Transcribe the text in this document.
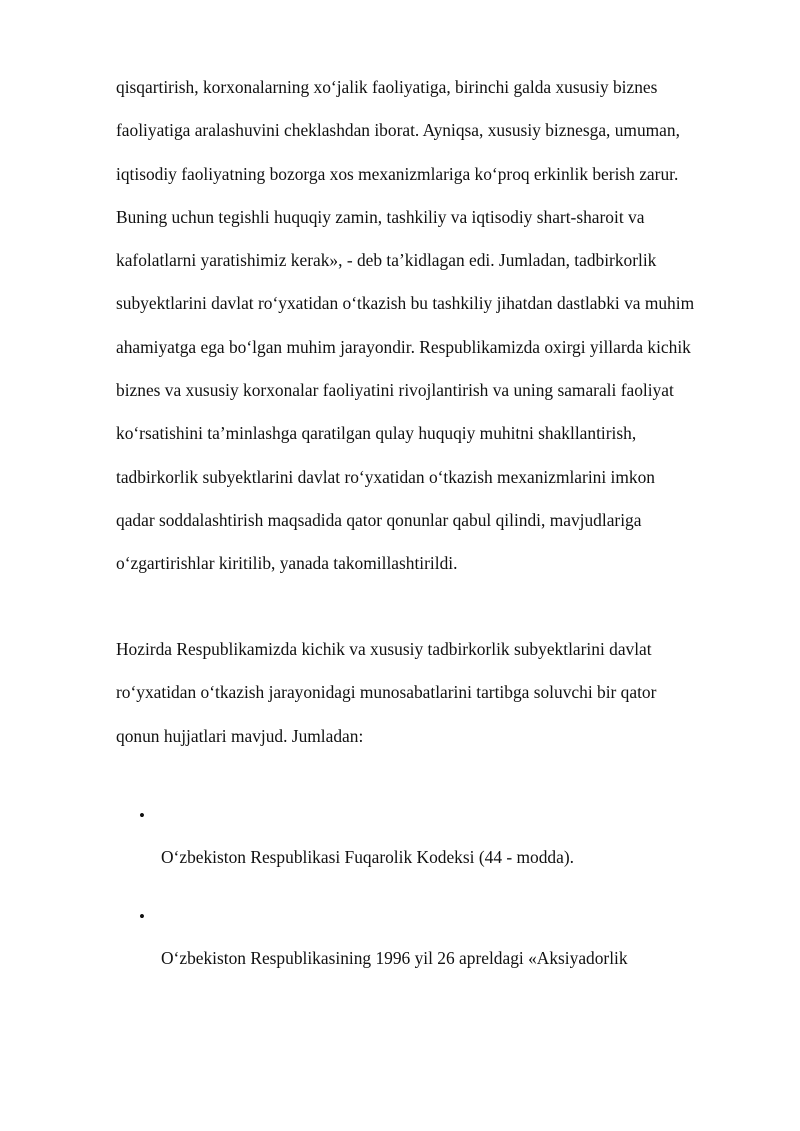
qisqartirish, korxonalarning xo‘jalik faoliyatiga, birinchi galda xususiy biznes
faoliyatiga aralashuvini cheklashdan iborat. Ayniqsa, xususiy biznesga, umuman,
iqtisodiy faoliyatning bozorga xos mexanizmlariga ko‘proq erkinlik berish zarur.
Buning uchun tegishli huquqiy zamin, tashkiliy va iqtisodiy shart-sharoit va
kafolatlarni yaratishimiz kerak», - deb ta’kidlagan edi. Jumladan, tadbirkorlik
subyektlarini davlat ro‘yxatidan o‘tkazish bu tashkiliy jihatdan dastlabki va muhim
ahamiyatga ega bo‘lgan muhim jarayondir. Respublikamizda oxirgi yillarda kichik
biznes va xususiy korxonalar faoliyatini rivojlantirish va uning samarali faoliyat
ko‘rsatishini ta’minlashga qaratilgan qulay huquqiy muhitni shakllantirish,
tadbirkorlik subyektlarini davlat ro‘yxatidan o‘tkazish mexanizmlarini imkon
qadar soddalashtirish maqsadida qator qonunlar qabul qilindi, mavjudlariga
o‘zgartirishlar kiritilib, yanada takomillashtirildi.

Hozirda Respublikamizda kichik va xususiy tadbirkorlik subyektlarini davlat
ro‘yxatidan o‘tkazish jarayonidagi munosabatlarini tartibga soluvchi bir qator
qonun hujjatlari mavjud. Jumladan:

•
O‘zbekiston Respublikasi Fuqarolik Kodeksi (44 - modda).
•
O‘zbekiston Respublikasining 1996 yil 26 apreldagi «Aksiyadorlik
